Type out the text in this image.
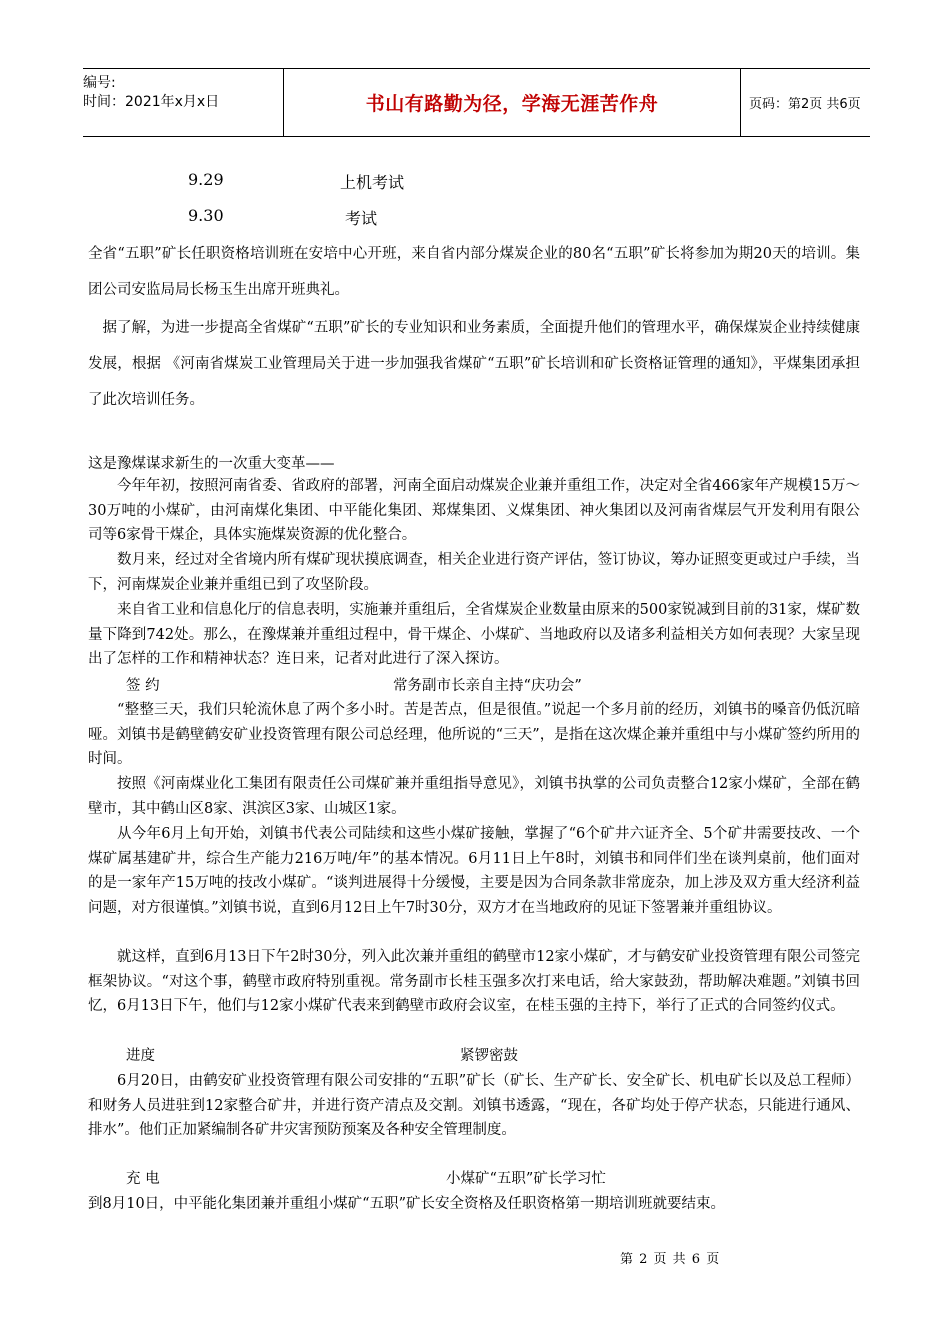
编号:
时间：2021年x月x日	书山有路勤为径，学海无涯苦作舟	页码：第2页 共6页
9.29	上机考试
9.30	考试

全省“五职”矿长任职资格培训班在安培中心开班，来自省内部分煤炭企业的80名“五职”矿长将参加为期20天的培训。集团公司安监局局长杨玉生出席开班典礼。

据了解，为进一步提高全省煤矿“五职”矿长的专业知识和业务素质，全面提升他们的管理水平，确保煤炭企业持续健康发展，根据 《河南省煤炭工业管理局关于进一步加强我省煤矿“五职”矿长培训和矿长资格证管理的通知》，平煤集团承担了此次培训任务。

这是豫煤谋求新生的一次重大变革——

今年年初，按照河南省委、省政府的部署，河南全面启动煤炭企业兼并重组工作，决定对全省466家年产规模15万～30万吨的小煤矿，由河南煤化集团、中平能化集团、郑煤集团、义煤集团、神火集团以及河南省煤层气开发利用有限公司等6家骨干煤企，具体实施煤炭资源的优化整合。

数月来，经过对全省境内所有煤矿现状摸底调查，相关企业进行资产评估，签订协议，筹办证照变更或过户手续，当下，河南煤炭企业兼并重组已到了攻坚阶段。

来自省工业和信息化厅的信息表明，实施兼并重组后，全省煤炭企业数量由原来的500家锐减到目前的31家，煤矿数量下降到742处。那么，在豫煤兼并重组过程中，骨干煤企、小煤矿、当地政府以及诸多利益相关方如何表现？大家呈现出了怎样的工作和精神状态？连日来，记者对此进行了深入探访。

签 约	常务副市长亲自主持“庆功会”

“整整三天，我们只轮流休息了两个多小时。苦是苦点，但是很值。”说起一个多月前的经历，刘镇书的嗓音仍低沉暗哑。刘镇书是鹤壁鹤安矿业投资管理有限公司总经理，他所说的“三天”，是指在这次煤企兼并重组中与小煤矿签约所用的时间。

按照《河南煤业化工集团有限责任公司煤矿兼并重组指导意见》，刘镇书执掌的公司负责整合12家小煤矿，全部在鹤壁市，其中鹤山区8家、淇滨区3家、山城区1家。

从今年6月上旬开始，刘镇书代表公司陆续和这些小煤矿接触，掌握了“6个矿井六证齐全、5个矿井需要技改、一个煤矿属基建矿井，综合生产能力216万吨/年”的基本情况。6月11日上午8时，刘镇书和同伴们坐在谈判桌前，他们面对的是一家年产15万吨的技改小煤矿。“谈判进展得十分缓慢，主要是因为合同条款非常庞杂，加上涉及双方重大经济利益问题，对方很谨慎。”刘镇书说，直到6月12日上午7时30分，双方才在当地政府的见证下签署兼并重组协议。

就这样，直到6月13日下午2时30分，列入此次兼并重组的鹤壁市12家小煤矿，才与鹤安矿业投资管理有限公司签完框架协议。“对这个事，鹤壁市政府特别重视。常务副市长桂玉强多次打来电话，给大家鼓劲，帮助解决难题。”刘镇书回忆，6月13日下午，他们与12家小煤矿代表来到鹤壁市政府会议室，在桂玉强的主持下，举行了正式的合同签约仪式。

进度	紧锣密鼓

6月20日，由鹤安矿业投资管理有限公司安排的“五职”矿长（矿长、生产矿长、安全矿长、机电矿长以及总工程师）和财务人员进驻到12家整合矿井，并进行资产清点及交割。刘镇书透露，“现在，各矿均处于停产状态，只能进行通风、排水”。他们正加紧编制各矿井灾害预防预案及各种安全管理制度。

充 电	小煤矿“五职”矿长学习忙

到8月10日，中平能化集团兼并重组小煤矿“五职”矿长安全资格及任职资格第一期培训班就要结束。

第 2 页 共 6 页
